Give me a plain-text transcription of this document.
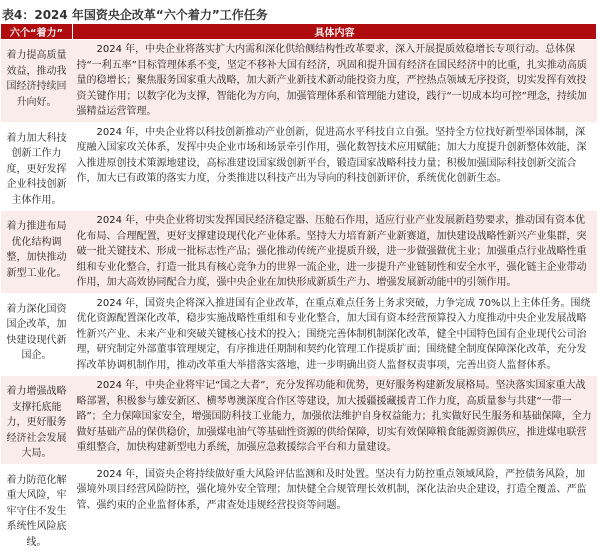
表4：2024 年国资央企改革“六个着力”工作任务
六个“着力”	具体内容
着力提高质量效益，推动我国经济持续回升向好。	2024 年，中央企业将落实扩大内需和深化供给侧结构性改革要求，深入开展提质效稳增长专项行动。总体保持“一利五率”目标管理体系不变，坚定不移补大国有经济，巩固和提升国有经济在国民经济中的比重，扎实推动高质量的稳增长；聚焦服务国家重大战略，加大新产业新技术新动能投资力度，严控热点领域无序投资，切实发挥有效投资关键作用；以数字化为支撑，智能化为方向，加强管理体系和管理能力建设，践行“一切成本均可控”理念，持续加强精益运营管理。
着力加大科技创新工作力度，更好发挥企业科技创新主体作用。	2024 年，中央企业将以科技创新推动产业创新，促进高水平科技自立自强。坚持全方位找好新型举国体制，深度融入国家攻关体系，发挥中央企业市场和场景牵引作用，强化数智技术应用赋能；加大力度提升创新整体效能，深入推进原创技术策源地建设，高标准建设国家级创新平台，锻造国家战略科技力量；积极加强国际科技创新交流合作，加大已有政策的落实力度，分类推进以科技产出为导向的科技创新评价，系统优化创新生态。
着力推进布局优化结构调整，加快推动新型工业化。	2024 年，中央企业将切实发挥国民经济稳定器、压舱石作用，适应行业产业发展新趋势要求，推动国有资本优化布局、合理配置，更好支撑建设现代化产业体系。坚持大力培育新产业新赛道，加快建设战略性新兴产业集群，突破一批关键技术、形成一批标志性产品；强化推动传统产业提质升级，进一步做强做优主业；加强重点行业战略性重组和专业化整合，打造一批具有核心竞争力的世界一流企业，进一步提升产业链韧性和安全水平，强化链主企业带动作用，加大高效协同配合力度，强中央企业在加快形成新质生产力、增强发展新动能中的引领作用。
着力深化国资国企改革，加快建设现代新国企。	2024 年，国资央企将深入推进国有企业改革，在重点难点任务上务求突破，力争完成 70%以上主体任务。围绕优化资源配置深化改革，稳步实施战略性重组和专业化整合，加大国有资本经营预算投入力度推动中央企业发展战略性新兴产业、未来产业和突破关键核心技术的投入；围绕完善体制机制深化改革，健全中国特色国有企业现代公司治理，研究制定外部董事管理规定，有序推进任期制和契约化管理工作提质扩面；围绕健全制度保障深化改革，充分发挥改革协调机制作用，推动改革重大举措落实落地，进一步明确出资人监督权责事项，完善出资人监督体系。
着力增强战略支撑托底能力，更好服务经济社会发展大局。	2024 年，中央企业将牢记“国之大者”，充分发挥功能和优势，更好服务构建新发展格局。坚决落实国家重大战略部署，积极参与雄安新区、横琴粤澳深度合作区等建设，加大援疆援藏援青工作力度，高质量参与共建“一带一路”；全力保障国家安全，增强国防科技工业能力，加强依法维护自身权益能力；扎实做好民生服务和基础保障，全力做好基础产品的保供稳价，加强煤电油气等基础性资源的供给保障，切实有效保障粮食能源资源供应，推进煤电联营重组整合，加快构建新型电力系统，加强应急救援综合平台和力量建设。
着力防范化解重大风险，牢牢守住不发生系统性风险底线。	2024 年，国资央企将持续做好重大风险评估监测和及时处置。坚决有力防控重点领域风险，严控债务风险，加强境外项目经营风险防控，强化境外安全管理；加快健全合规管理长效机制，深化法治央企建设，打造全覆盖、严监管、强约束的企业监督体系，严肃查处违规经营投资等问题。
